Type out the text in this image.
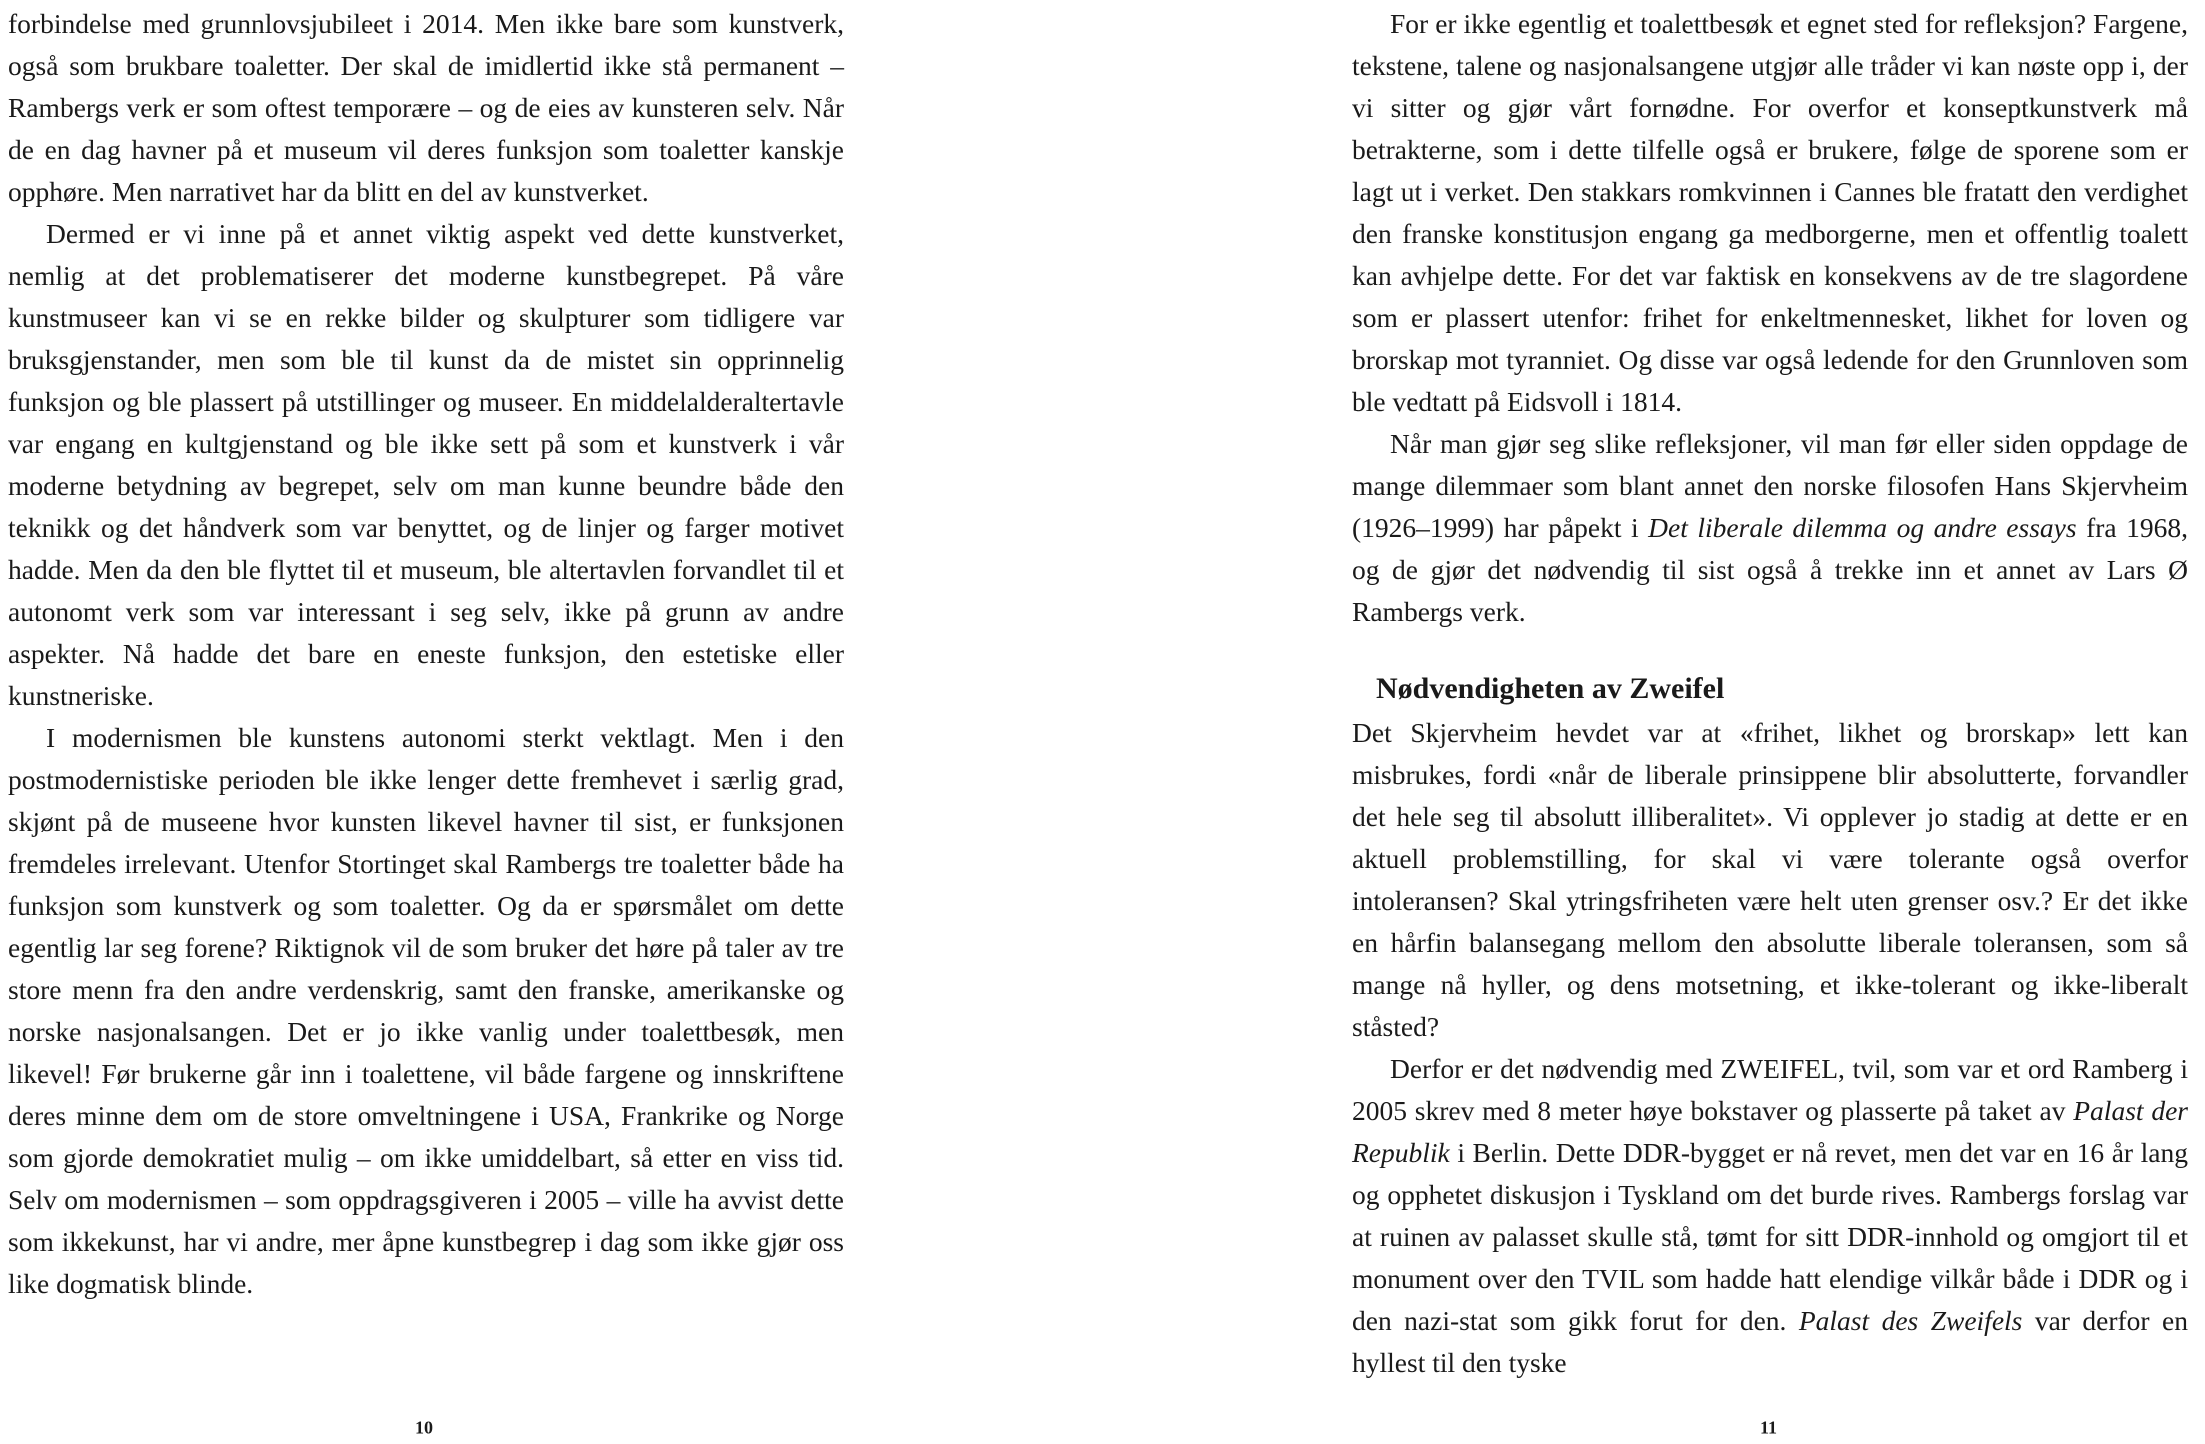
forbindelse med grunnlovsjubileet i 2014. Men ikke bare som kunstverk, også som brukbare toaletter. Der skal de imidlertid ikke stå permanent – Rambergs verk er som oftest temporære – og de eies av kunsteren selv. Når de en dag havner på et museum vil deres funksjon som toaletter kanskje opphøre. Men narrativet har da blitt en del av kunstverket.

Dermed er vi inne på et annet viktig aspekt ved dette kunstverket, nemlig at det problematiserer det moderne kunstbegrepet. På våre kunstmuseer kan vi se en rekke bilder og skulpturer som tidligere var bruksgjenstander, men som ble til kunst da de mistet sin opprinnelig funksjon og ble plassert på utstillinger og museer. En middelalderaltertavle var engang en kultgjenstand og ble ikke sett på som et kunstverk i vår moderne betydning av begrepet, selv om man kunne beundre både den teknikk og det håndverk som var benyttet, og de linjer og farger motivet hadde. Men da den ble flyttet til et museum, ble altertavlen forvandlet til et autonomt verk som var interessant i seg selv, ikke på grunn av andre aspekter. Nå hadde det bare en eneste funksjon, den estetiske eller kunstneriske.

I modernismen ble kunstens autonomi sterkt vektlagt. Men i den postmodernistiske perioden ble ikke lenger dette fremhevet i særlig grad, skjønt på de museene hvor kunsten likevel havner til sist, er funksjonen fremdeles irrelevant. Utenfor Stortinget skal Rambergs tre toaletter både ha funksjon som kunstverk og som toaletter. Og da er spørsmålet om dette egentlig lar seg forene? Riktignok vil de som bruker det høre på taler av tre store menn fra den andre verdenskrig, samt den franske, amerikanske og norske nasjonalsangen. Det er jo ikke vanlig under toalettbesøk, men likevel! Før brukerne går inn i toalettene, vil både fargene og innskriftene deres minne dem om de store omveltningene i USA, Frankrike og Norge som gjorde demokratiet mulig – om ikke umiddelbart, så etter en viss tid. Selv om modernismen – som oppdragsgiveren i 2005 – ville ha avvist dette som ikkekunst, har vi andre, mer åpne kunstbegrep i dag som ikke gjør oss like dogmatisk blinde.

For er ikke egentlig et toalettbesøk et egnet sted for refleksjon? Fargene, tekstene, talene og nasjonalsangene utgjør alle tråder vi kan nøste opp i, der vi sitter og gjør vårt fornødne. For overfor et konseptkunstverk må betrakterne, som i dette tilfelle også er brukere, følge de sporene som er lagt ut i verket. Den stakkars romkvinnen i Cannes ble fratatt den verdighet den franske konstitusjon engang ga medborgerne, men et offentlig toalett kan avhjelpe dette. For det var faktisk en konsekvens av de tre slagordene som er plassert utenfor: frihet for enkeltmennesket, likhet for loven og brorskap mot tyranniet. Og disse var også ledende for den Grunnloven som ble vedtatt på Eidsvoll i 1814.

Når man gjør seg slike refleksjoner, vil man før eller siden oppdage de mange dilemmaer som blant annet den norske filosofen Hans Skjervheim (1926–1999) har påpekt i Det liberale dilemma og andre essays fra 1968, og de gjør det nødvendig til sist også å trekke inn et annet av Lars Ø Rambergs verk.

Nødvendigheten av Zweifel

Det Skjervheim hevdet var at «frihet, likhet og brorskap» lett kan misbrukes, fordi «når de liberale prinsippene blir absolutterte, forvandler det hele seg til absolutt illiberalitet». Vi opplever jo stadig at dette er en aktuell problemstilling, for skal vi være tolerante også overfor intoleransen? Skal ytringsfriheten være helt uten grenser osv.? Er det ikke en hårfin balansegang mellom den absolutte liberale toleransen, som så mange nå hyller, og dens motsetning, et ikke-tolerant og ikke-liberalt ståsted?

Derfor er det nødvendig med ZWEIFEL, tvil, som var et ord Ramberg i 2005 skrev med 8 meter høye bokstaver og plasserte på taket av Palast der Republik i Berlin. Dette DDR-bygget er nå revet, men det var en 16 år lang og opphetet diskusjon i Tyskland om det burde rives. Rambergs forslag var at ruinen av palasset skulle stå, tømt for sitt DDR-innhold og omgjort til et monument over den TVIL som hadde hatt elendige vilkår både i DDR og i den nazi-stat som gikk forut for den. Palast des Zweifels var derfor en hyllest til den tyske

10	11
